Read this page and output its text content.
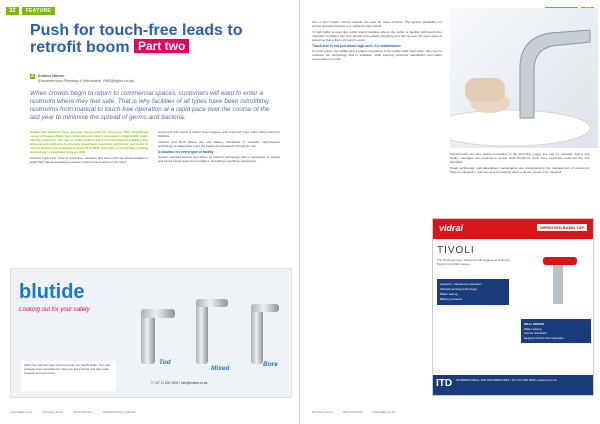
32	FEATURE
Push for touch-free leads to retrofit boom Part two
A Andrew Warren
(Extracted from Plumbing & Mechanical, PME@dgbiz.co.za)
When crowds begin to return to commercial spaces, customers will want to enter a restroom where they feel safe. That is why facilities of all types have been retrofitting restrooms from manual to touch-free operation at a rapid pace over the course of the last year to minimise the spread of germs and bacteria.

Health and wellness have become top-of-mind for everyone. This heightened sense of hygiene flows into restrooms too, where increases in high-traffic areas like the restrooms, the can of small surface space in a commercial building. The pronounced emphasis to promote a touchless restroom with many new types of sensor faucets are expected to grow 30 to 35%, and sales of retrofitting sensing technology is estimated to be up 30%.

Citizens expect the move to touch-free operation and those who use these facilities to wash their hands and leave a cleaner restroom as a result of the trend.

customers will expect a higher level hygiene and improved ease when using restroom facilities.

Faucets and flush valves can use battery, hardwired or compact, self-powered technology to adequately meet the needs and demands of hygienic use.

A solution for every type of facility

Sensor operated faucets are driven by infrared technology that is responsive to motion and keeps hands away from surfaces, providing a touchless experience.

blutide
Looking out for your safety
2020: the year we were forced to keep our hands clean. Our new products were developed to help you keep hands and taps safe, hygienic and germ free.
Tod
Mixed
Bore
T: +27 11 000 0000 • info@blutide.co.za
www.dgbiz.co.za	Plumbing Africa	Africa Plumber	Africa Plumbing Supplier

use of their hands, sensor faucets can also be valve controls. The typical installation for sensor-activated faucets is a relatively easy retrofit.

In high-traffic venues like public transit facilities where the public is familiar with touch-free operation, installers can wire directly into existing plumbing and will not face the same level of downtime that a full re-fit would require.

Touch-free is not just about high-tech, it's maintenance

In some cases, the 1990s saw a major emergence of the public toilet flush valve. We need to embrace the technology that is available, while keeping customer satisfaction and water conservation in mind.

Flushometers are also where connection to the plumbing supply line may be required, that is why facility managers are required to review what should be done once touch-free becomes the new standard.

Smart technology and data-driven maintenance are revolutionising the management of restrooms. Data is collected in real time and can identify when a device needs to be repaired.

vidral	IMPROVED BASIN TAP
TIVOLI
The Tivoli has been designed with hygiene as a priority. Perfect for public spaces.
Hygienic - hands-free operation
Infrared sensing technology
Water saving
Battery powered
WALL MOUNT
Water saving
Sensor activated
Hygienic hands free operation
ITD INTERNATIONAL TAP DISTRIBUTORS • Tel: 011 000 0000 • www.itd.co.za
Plumbing Africa	Africa Plumber	www.dgbiz.co.za
